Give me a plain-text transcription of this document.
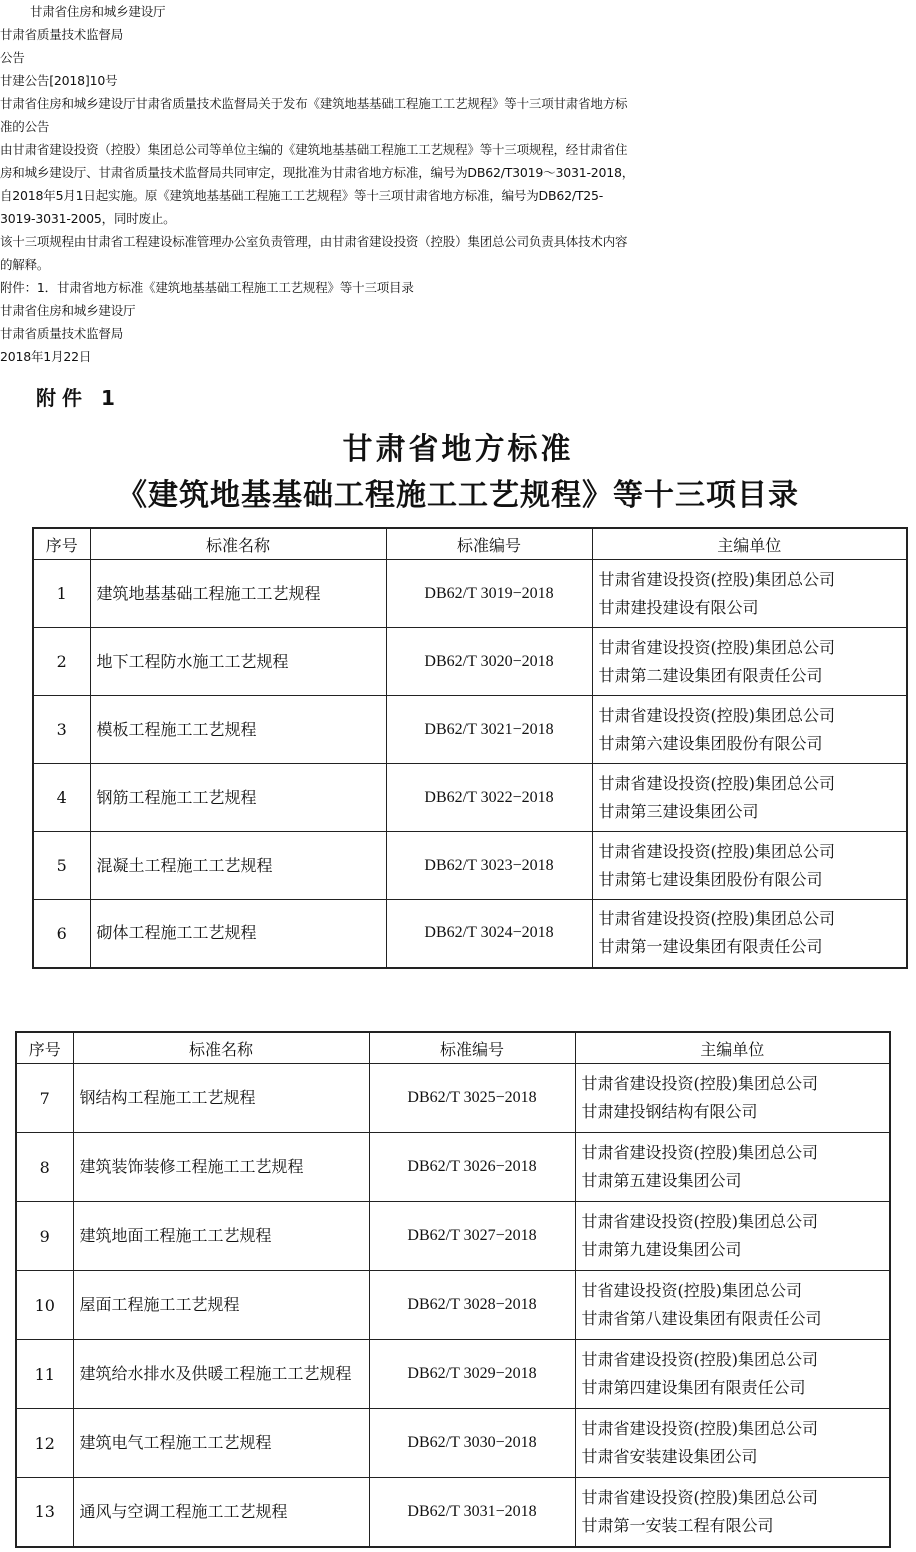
甘肃省住房和城乡建设厅

甘肃省质量技术监督局

公告

甘建公告[2018]10号

甘肃省住房和城乡建设厅甘肃省质量技术监督局关于发布《建筑地基基础工程施工工艺规程》等十三项甘肃省地方标

准的公告

由甘肃省建设投资（控股）集团总公司等单位主编的《建筑地基基础工程施工工艺规程》等十三项规程，经甘肃省住

房和城乡建设厅、甘肃省质量技术监督局共同审定，现批准为甘肃省地方标准，编号为DB62/T3019～3031-2018，

自2018年5月1日起实施。原《建筑地基基础工程施工工艺规程》等十三项甘肃省地方标准，编号为DB62/T25-

3019-3031-2005，同时废止。

该十三项规程由甘肃省工程建设标准管理办公室负责管理，由甘肃省建设投资（控股）集团总公司负责具体技术内容

的解释。

附件：1．甘肃省地方标准《建筑地基基础工程施工工艺规程》等十三项目录

甘肃省住房和城乡建设厅

甘肃省质量技术监督局

2018年1月22日

附件 1
甘肃省地方标准
《建筑地基基础工程施工工艺规程》等十三项目录
序号	标准名称	标准编号	主编单位
1	建筑地基基础工程施工工艺规程	DB62/T 3019−2018	甘肃省建设投资(控股)集团总公司
甘肃建投建设有限公司

2	地下工程防水施工工艺规程	DB62/T 3020−2018	甘肃省建设投资(控股)集团总公司
甘肃第二建设集团有限责任公司

3	模板工程施工工艺规程	DB62/T 3021−2018	甘肃省建设投资(控股)集团总公司
甘肃第六建设集团股份有限公司

4	钢筋工程施工工艺规程	DB62/T 3022−2018	甘肃省建设投资(控股)集团总公司
甘肃第三建设集团公司

5	混凝土工程施工工艺规程	DB62/T 3023−2018	甘肃省建设投资(控股)集团总公司
甘肃第七建设集团股份有限公司

6	砌体工程施工工艺规程	DB62/T 3024−2018	甘肃省建设投资(控股)集团总公司
甘肃第一建设集团有限责任公司
序号	标准名称	标准编号	主编单位
7	钢结构工程施工工艺规程	DB62/T 3025−2018	甘肃省建设投资(控股)集团总公司
甘肃建投钢结构有限公司

8	建筑装饰装修工程施工工艺规程	DB62/T 3026−2018	甘肃省建设投资(控股)集团总公司
甘肃第五建设集团公司

9	建筑地面工程施工工艺规程	DB62/T 3027−2018	甘肃省建设投资(控股)集团总公司
甘肃第九建设集团公司

10	屋面工程施工工艺规程	DB62/T 3028−2018	甘省建设投资(控股)集团总公司
甘肃省第八建设集团有限责任公司

11	建筑给水排水及供暖工程施工工艺规程	DB62/T 3029−2018	甘肃省建设投资(控股)集团总公司
甘肃第四建设集团有限责任公司

12	建筑电气工程施工工艺规程	DB62/T 3030−2018	甘肃省建设投资(控股)集团总公司
甘肃省安装建设集团公司

13	通风与空调工程施工工艺规程	DB62/T 3031−2018	甘肃省建设投资(控股)集团总公司
甘肃第一安装工程有限公司
